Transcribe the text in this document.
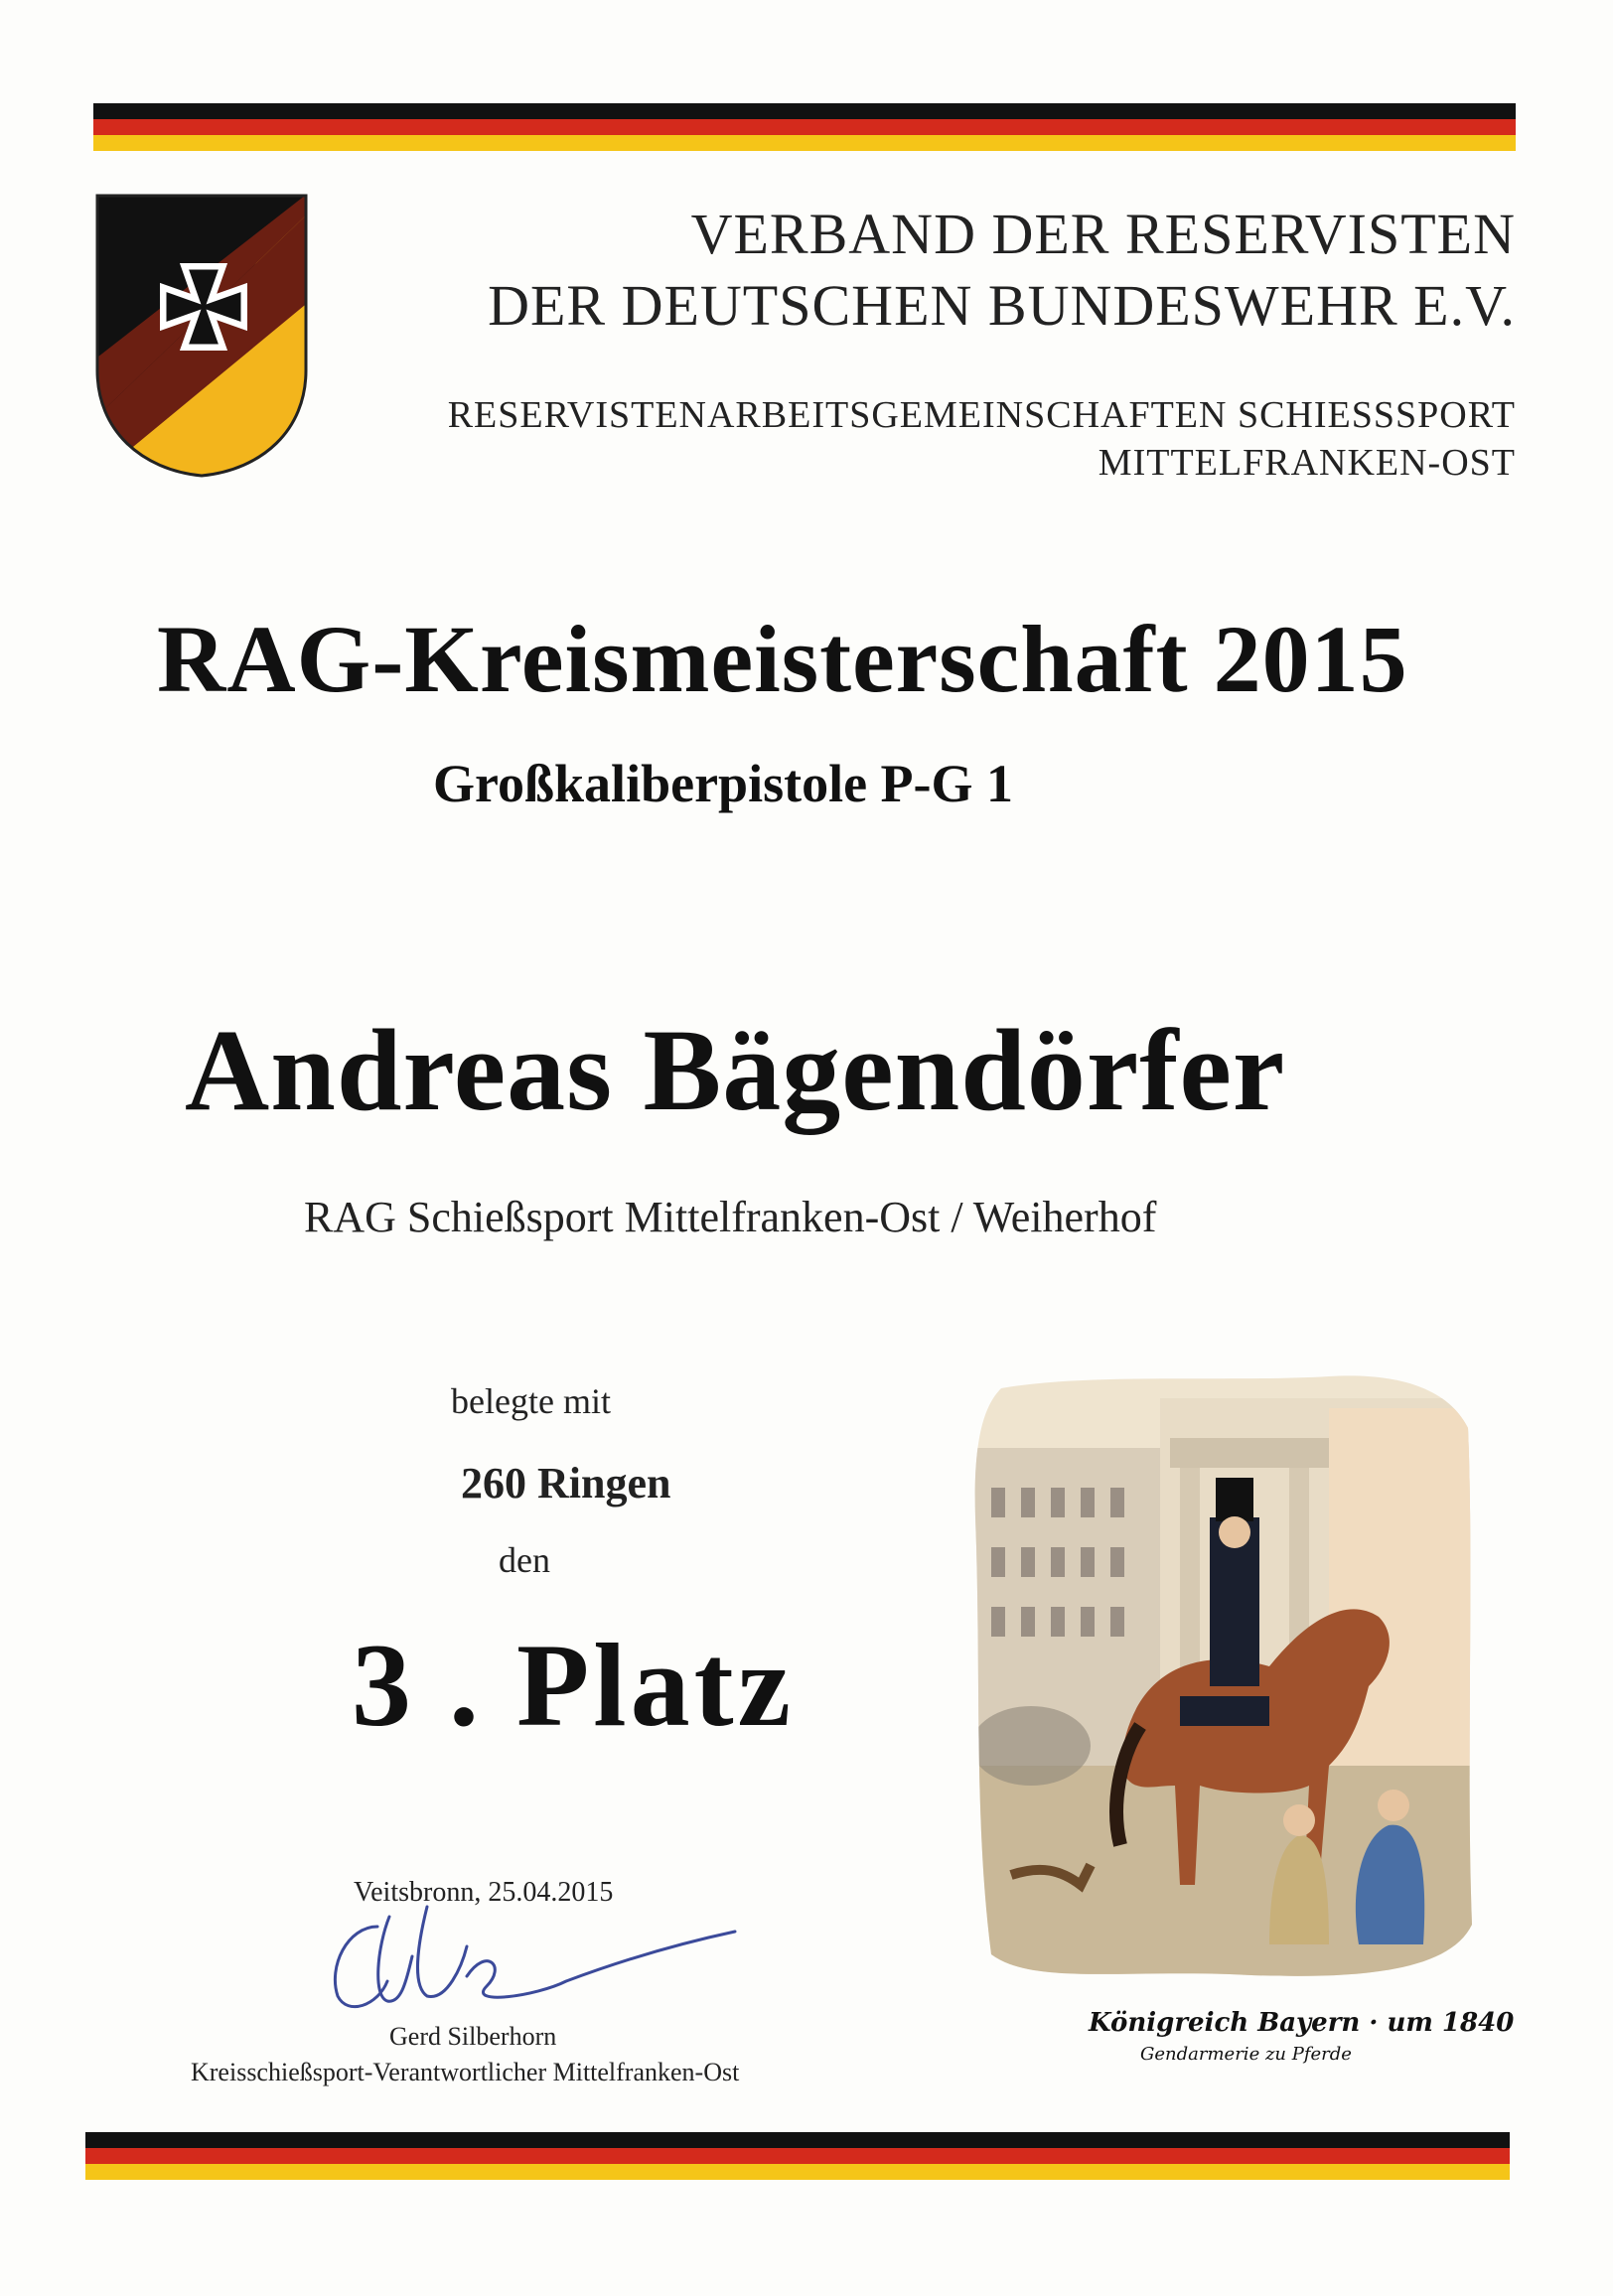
VERBAND DER RESERVISTEN
DER DEUTSCHEN BUNDESWEHR E.V.
RESERVISTENARBEITSGEMEINSCHAFTEN SCHIESSSPORT
MITTELFRANKEN-OST
RAG-Kreismeisterschaft 2015
Großkaliberpistole P-G 1
Andreas Bägendörfer
RAG Schießsport Mittelfranken-Ost / Weiherhof
belegte mit
260 Ringen
den
3 . Platz
Veitsbronn, 25.04.2015
Gerd Silberhorn
Kreisschießsport-Verantwortlicher Mittelfranken-Ost
Königreich Bayern · um 1840
Gendarmerie zu Pferde
